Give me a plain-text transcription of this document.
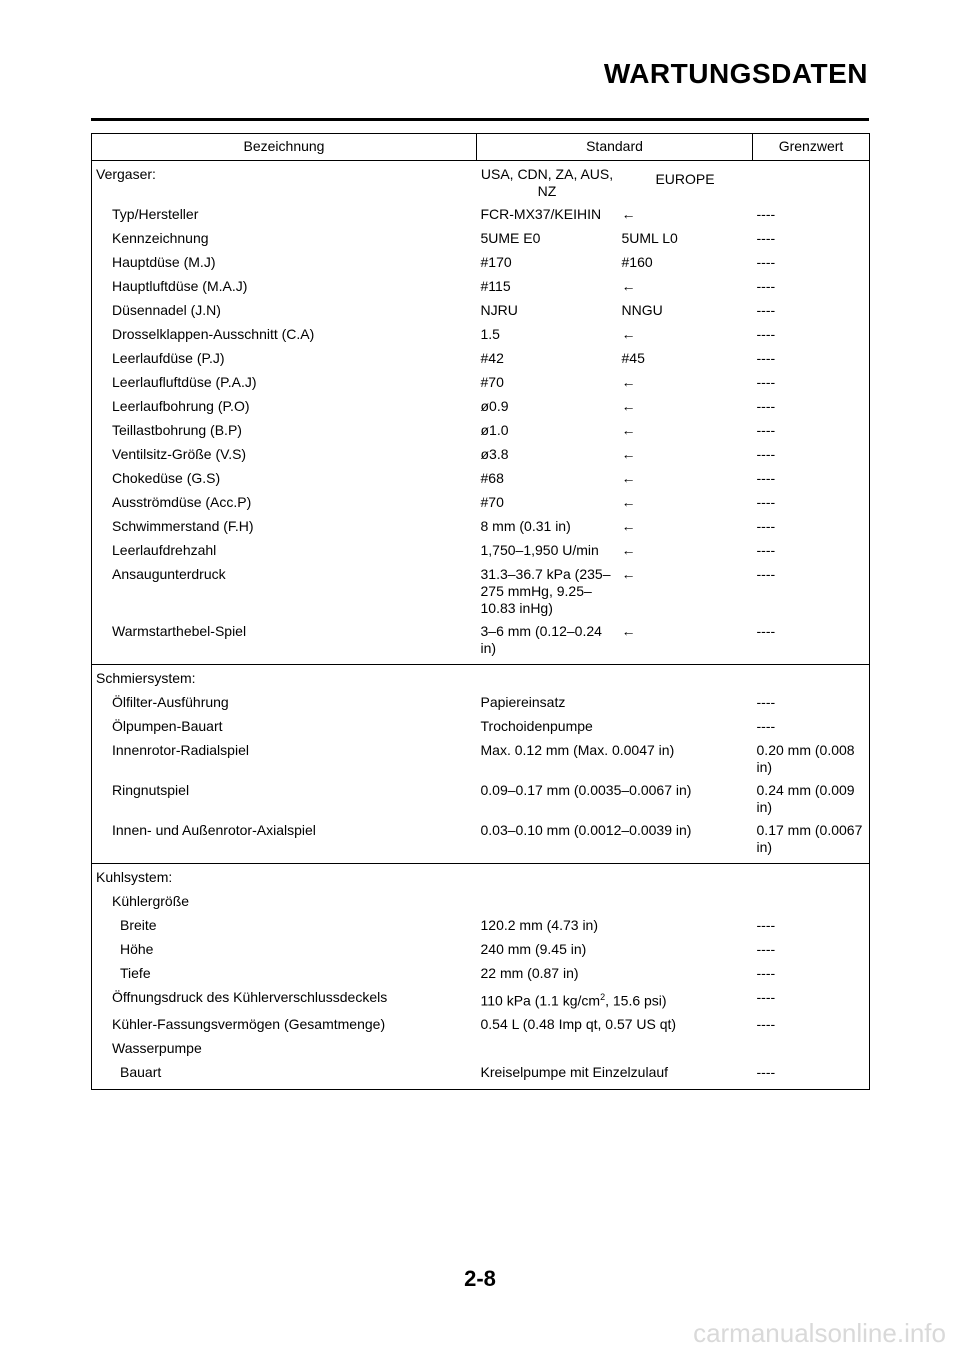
WARTUNGSDATEN
Bezeichnung	Standard		Grenzwert
Vergaser:	USA, CDN, ZA, AUS, NZ	EUROPE	
Typ/Hersteller	FCR-MX37/KEIHIN	←	----
Kennzeichnung	5UME E0	5UML L0	----
Hauptdüse (M.J)	#170	#160	----
Hauptluftdüse (M.A.J)	#115	←	----
Düsennadel (J.N)	NJRU	NNGU	----
Drosselklappen-Ausschnitt (C.A)	1.5	←	----
Leerlaufdüse (P.J)	#42	#45	----
Leerlaufluftdüse (P.A.J)	#70	←	----
Leerlaufbohrung (P.O)	ø0.9	←	----
Teillastbohrung (B.P)	ø1.0	←	----
Ventilsitz-Größe (V.S)	ø3.8	←	----
Chokedüse (G.S)	#68	←	----
Ausströmdüse (Acc.P)	#70	←	----
Schwimmerstand (F.H)	8 mm (0.31 in)	←	----
Leerlaufdrehzahl	1,750–1,950 U/min	←	----
Ansaugunterdruck	31.3–36.7 kPa (235–275 mmHg, 9.25–10.83 inHg)	←	----
Warmstarthebel-Spiel	3–6 mm (0.12–0.24 in)	←	----
Schmiersystem:			
Ölfilter-Ausführung	Papiereinsatz		----
Ölpumpen-Bauart	Trochoidenpumpe		----
Innenrotor-Radialspiel	Max. 0.12 mm (Max. 0.0047 in)		0.20 mm (0.008 in)
Ringnutspiel	0.09–0.17 mm (0.0035–0.0067 in)		0.24 mm (0.009 in)
Innen- und Außenrotor-Axialspiel	0.03–0.10 mm (0.0012–0.0039 in)		0.17 mm (0.0067 in)
Kuhlsystem:			
Kühlergröße			
Breite	120.2 mm (4.73 in)		----
Höhe	240 mm (9.45 in)		----
Tiefe	22 mm (0.87 in)		----
Öffnungsdruck des Kühlerverschlussdeckels	110 kPa (1.1 $kg/cm^2$, 15.6 psi)		----
Kühler-Fassungsvermögen (Gesamtmenge)	0.54 L (0.48 Imp qt, 0.57 US qt)		----
Wasserpumpe			
Bauart	Kreiselpumpe mit Einzelzulauf		----
2-8
carmanualsonline.info
